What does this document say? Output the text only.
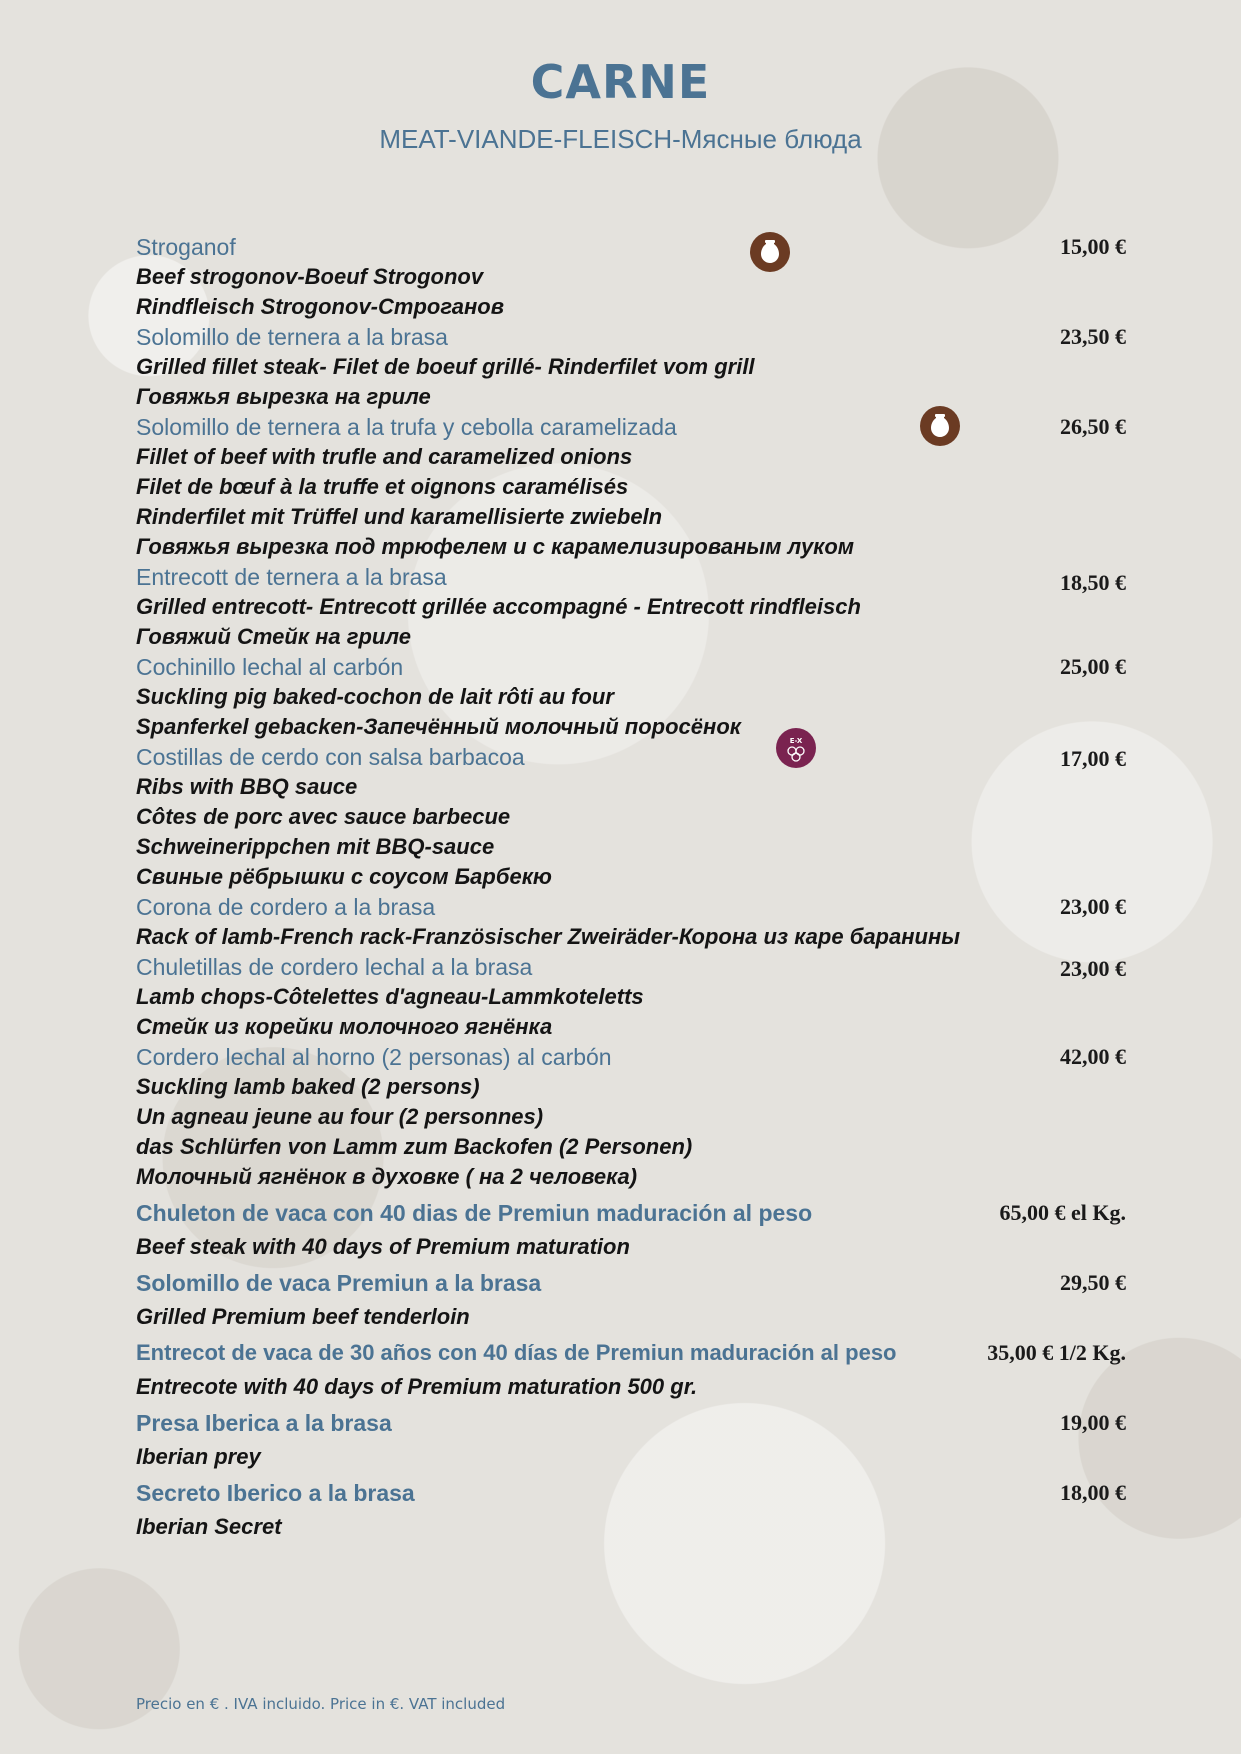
CARNE
MEAT-VIANDE-FLEISCH-Мясные блюда
Stroganof	15,00 €
Beef strogonov-Boeuf Strogonov
Rindfleisch Strogonov-Строганов
Solomillo de ternera a la brasa	23,50 €
Grilled fillet steak- Filet de boeuf grillé- Rinderfilet vom grill
Говяжья вырезка на гриле
Solomillo de ternera a la trufa y cebolla caramelizada	26,50 €
Fillet of beef with trufle and caramelized onions
Filet de bœuf à la truffe et oignons caramélisés
Rinderfilet mit Trüffel und karamellisierte zwiebeln
Говяжья вырезка под трюфелем и с карамелизированым луком
Entrecott de ternera a la brasa	18,50 €
Grilled entrecott- Entrecott grillée accompagné - Entrecott rindfleisch
Говяжий Стейк на гриле
Cochinillo lechal al carbón	25,00 €
Suckling pig baked-cochon de lait rôti au four
Spanferkel gebacken-Запечённый молочный поросёнок
Costillas de cerdo con salsa barbacoa	17,00 €
E-X
Ribs with BBQ sauce
Côtes de porc avec sauce barbecue
Schweinerippchen mit BBQ-sauce
Свиные рёбрышки с соусом Барбекю
Corona de cordero a la brasa	23,00 €
Rack of lamb-French rack-Französischer Zweiräder-Корона из каре баранины
Chuletillas de cordero lechal a la brasa	23,00 €
Lamb chops-Côtelettes d'agneau-Lammkoteletts
Стейк из корейки молочного ягнёнка
Cordero lechal al horno (2 personas) al carbón	42,00 €
Suckling lamb baked (2 persons)
Un agneau jeune au four (2 personnes)
das Schlürfen von Lamm zum Backofen (2 Personen)
Молочный ягнёнок в духовке ( на 2 человека)
Chuleton de vaca con 40 dias de Premiun maduración al peso	65,00 € el Kg.
Beef steak with 40 days of Premium maturation
Solomillo de vaca Premiun a la brasa	29,50 €
Grilled Premium beef tenderloin
Entrecot de vaca de 30 años con 40 días de Premiun maduración al peso	35,00 € 1/2 Kg.
Entrecote with 40 days of Premium maturation 500 gr.
Presa Iberica a la brasa	19,00 €
Iberian prey
Secreto Iberico a la brasa	18,00 €
Iberian Secret
Precio en € . IVA incluido. Price in €. VAT included
